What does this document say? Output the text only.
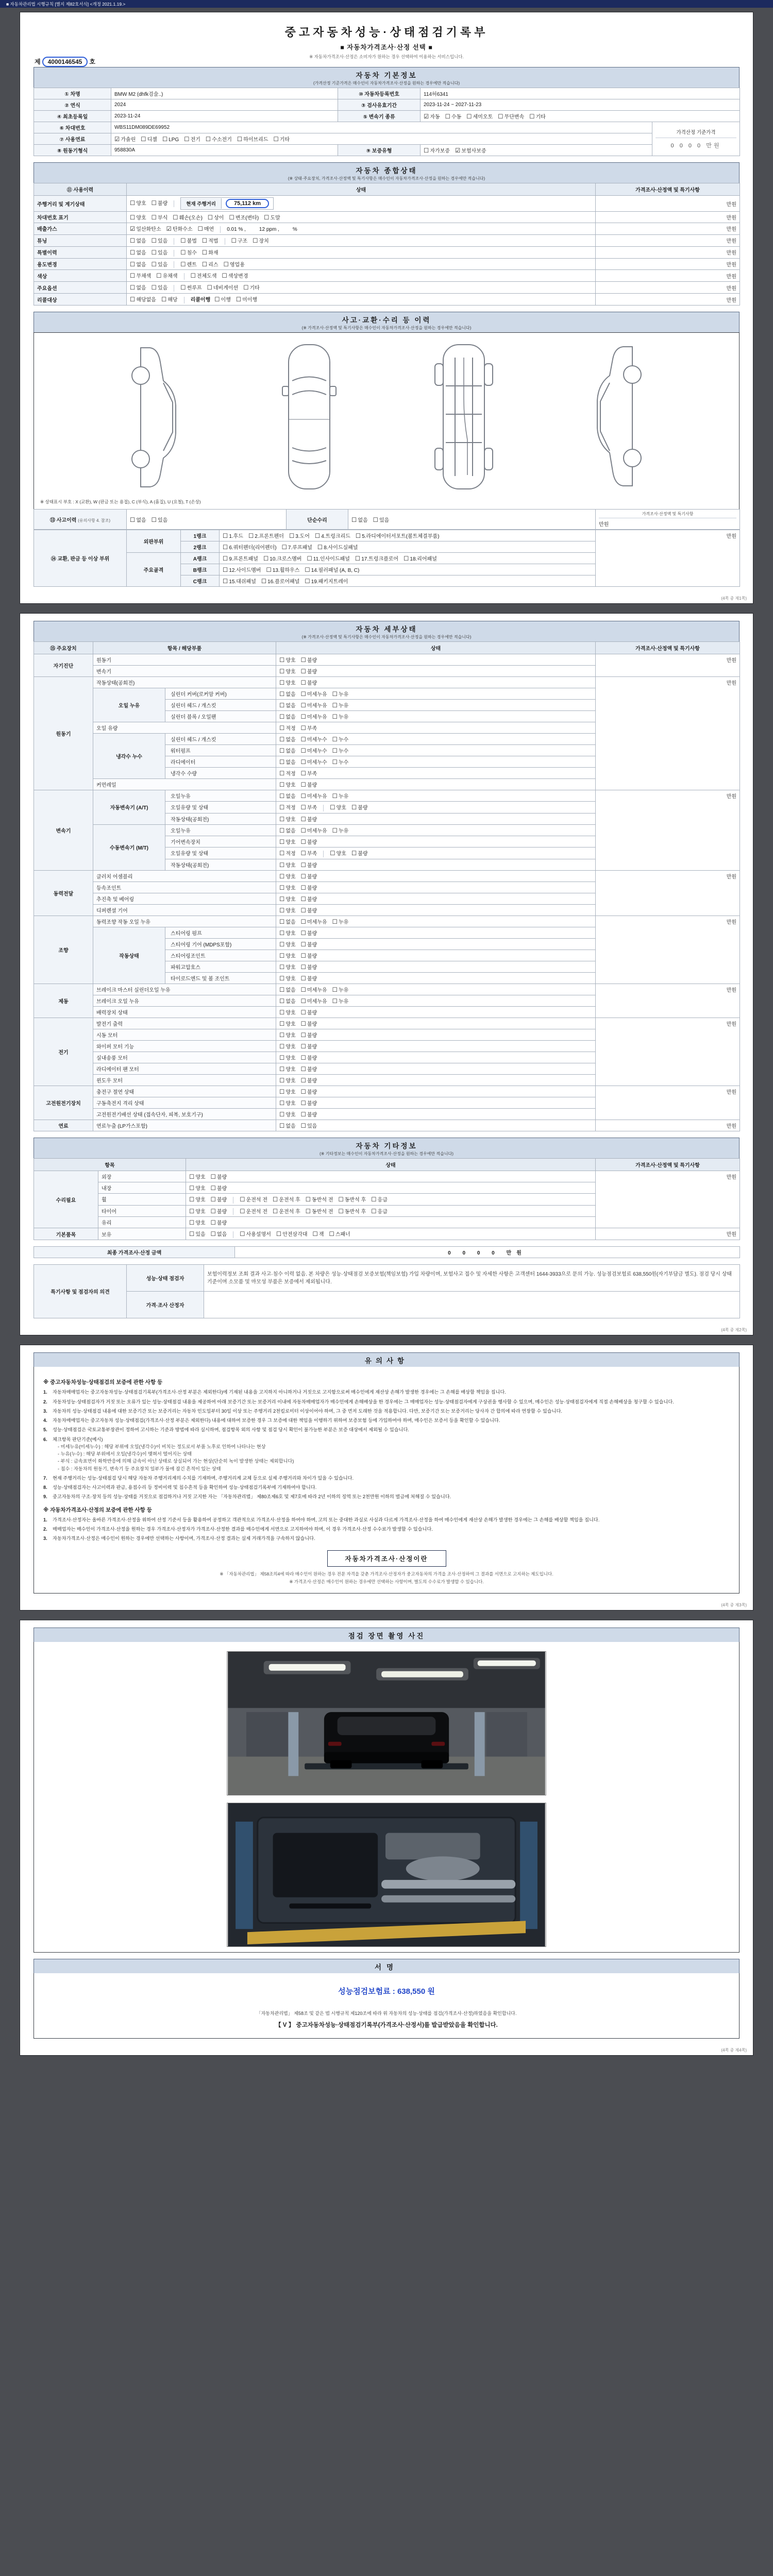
■ 자동차관리법 시행규칙 [별지 제82호서식] <개정 2021.1.19.>
중고자동차성능·상태점검기록부
■ 자동차가격조사·산정 선택 ■
※ 자동차가격조사·산정은 소비자가 원하는 경우 선택하여 이용하는 서비스입니다.
제 4000146545 호
자동차 기본정보
(가격산정 기준가격은 매수인이 자동차가격조사·산정을 원하는 경우에만 적습니다)
① 차명	BMW M2 (dhfk검술..)	⑩ 자동차등록번호	114허6341	
② 연식	2024	③ 검사유효기간	2023-11-24 ~ 2027-11-23	
④ 최초등록일	2023-11-24	⑤ 변속기 종류	☑ 자동 ☐ 수동 ☐ 세미오토 ☐ 무단변속 ☐ 기타	
⑥ 차대번호	WBS11DM089DE69952			가격산정 기준가격
0 0 0 0 만원

⑦ 사용연료	☑ 가솔린 ☐ 디젤 ☐ LPG ☐ 전기 ☐ 수소전기 ☐ 하이브리드 ☐ 기타			
⑧ 원동기형식	958830A	⑨ 보증유형	☐ 자가보증 ☑ 보험사보증	
자동차 종합상태
(※ 상태·주요장치, 가격조사·산정액 및 특기사항은 매수인이 자동차가격조사·산정을 원하는 경우에만 적습니다)
⑪ 사용이력	상태	가격조사·산정액 및 특기사항
주행거리 및 계기상태	☐ 양호 ☐ 불량 현재 주행거리 75,112 km	만원
차대번호 표기	☐ 양호 ☐ 부식 ☐ 훼손(오손) ☐ 상이 ☐ 변조(변타) ☐ 도말	만원
배출가스	☑ 일산화탄소 ☑ 탄화수소 ☐ 매연 0.01 % , 12 ppm , %	만원
튜닝	☐ 없음 ☐ 있음 ☐ 불법 ☐ 적법 ☐ 구조 ☐ 장치	만원
특별이력	☐ 없음 ☐ 있음 ☐ 침수 ☐ 화재	만원
용도변경	☐ 없음 ☐ 있음 ☐ 렌트 ☐ 리스 ☐ 영업용	만원
색상	☐ 무채색 ☐ 유채색 ☐ 전체도색 ☐ 색상변경	만원
주요옵션	☐ 없음 ☐ 있음 ☐ 썬루프 ☐ 네비게이션 ☐ 기타	만원
리콜대상	☐ 해당없음 ☐ 해당 리콜이행 ☐ 이행 ☐ 미이행	만원
사고·교환·수리 등 이력
(※ 가격조사·산정액 및 특기사항은 매수인이 자동차가격조사·산정을 원하는 경우에만 적습니다)
※ 상태표시 부호 : X (교환), W (판금 또는 용접), C (부식), A (흠집), U (요철), T (손상)
⑬ 사고이력 (유의사항 4. 참조)	☐ 없음 ☐ 있음	단순수리	☐ 없음 ☐ 있음	
가격조사·산정액 및 특기사항
만원
⑭ 교환, 판금 등 이상 부위	외판부위	1랭크	☐ 1.후드 ☐ 2.프론트펜더 ☐ 3.도어 ☐ 4.트렁크리드 ☐ 5.라디에이터서포트(볼트체결부품)	만원
		2랭크	☐ 6.쿼터펜더(리어펜더) ☐ 7.루프패널 ☐ 8.사이드실패널	
	주요골격	A랭크	☐ 9.프론트패널 ☐ 10.크로스멤버 ☐ 11.인사이드패널 ☐ 17.트렁크플로어 ☐ 18.리어패널	
		B랭크	☐ 12.사이드멤버 ☐ 13.휠하우스 ☐ 14.필러패널 (A, B, C)	
		C랭크	☐ 15.대쉬패널 ☐ 16.플로어패널 ☐ 19.패키지트레이	
(4쪽 중 제1쪽)
자동차 세부상태
(※ 가격조사·산정액 및 특기사항은 매수인이 자동차가격조사·산정을 원하는 경우에만 적습니다)
⑮ 주요장치	항목 / 해당부품		상태	가격조사·산정액 및 특기사항
자기진단	원동기		☐ 양호 ☐ 불량	만원
	변속기		☐ 양호 ☐ 불량	
원동기	작동상태(공회전)		☐ 양호 ☐ 불량	만원
	오일 누유	실린더 커버(로커암 커버)	☐ 없음 ☐ 미세누유 ☐ 누유	
		실린더 헤드 / 개스킷	☐ 없음 ☐ 미세누유 ☐ 누유	
		실린더 블록 / 오일팬	☐ 없음 ☐ 미세누유 ☐ 누유	
	오일 유량		☐ 적정 ☐ 부족	
	냉각수 누수	실린더 헤드 / 개스킷	☐ 없음 ☐ 미세누수 ☐ 누수	
		워터펌프	☐ 없음 ☐ 미세누수 ☐ 누수	
		라디에이터	☐ 없음 ☐ 미세누수 ☐ 누수	
		냉각수 수량	☐ 적정 ☐ 부족	
	커먼레일		☐ 양호 ☐ 불량	
변속기	자동변속기 (A/T)	오일누유	☐ 없음 ☐ 미세누유 ☐ 누유	만원
		오일유량 및 상태	☐ 적정 ☐ 부족 ☐ 양호 ☐ 불량	
		작동상태(공회전)	☐ 양호 ☐ 불량	
	수동변속기 (M/T)	오일누유	☐ 없음 ☐ 미세누유 ☐ 누유	
		기어변속장치	☐ 양호 ☐ 불량	
		오일유량 및 상태	☐ 적정 ☐ 부족 ☐ 양호 ☐ 불량	
		작동상태(공회전)	☐ 양호 ☐ 불량	
동력전달	클러치 어셈블리		☐ 양호 ☐ 불량	만원
	등속조인트		☐ 양호 ☐ 불량	
	추진축 및 베어링		☐ 양호 ☐ 불량	
	디퍼렌셜 기어		☐ 양호 ☐ 불량	
조향	동력조향 작동 오일 누유		☐ 없음 ☐ 미세누유 ☐ 누유	만원
	작동상태	스티어링 펌프	☐ 양호 ☐ 불량	
		스티어링 기어 (MDPS포함)	☐ 양호 ☐ 불량	
		스티어링조인트	☐ 양호 ☐ 불량	
		파워고압호스	☐ 양호 ☐ 불량	
		타이로드엔드 및 볼 조인트	☐ 양호 ☐ 불량	
제동	브레이크 마스터 실린더오일 누유		☐ 없음 ☐ 미세누유 ☐ 누유	만원
	브레이크 오일 누유		☐ 없음 ☐ 미세누유 ☐ 누유	
	배력장치 상태		☐ 양호 ☐ 불량	
전기	발전기 출력		☐ 양호 ☐ 불량	만원
	시동 모터		☐ 양호 ☐ 불량	
	와이퍼 모터 기능		☐ 양호 ☐ 불량	
	실내송풍 모터		☐ 양호 ☐ 불량	
	라디에이터 팬 모터		☐ 양호 ☐ 불량	
	윈도우 모터		☐ 양호 ☐ 불량	
고전원전기장치	충전구 절연 상태		☐ 양호 ☐ 불량	만원
	구동축전지 격리 상태		☐ 양호 ☐ 불량	
	고전원전기배선 상태 (접속단자, 피복, 보호기구)		☐ 양호 ☐ 불량	
연료	연료누출 (LP가스포함)		☐ 없음 ☐ 있음	만원
자동차 기타정보
(※ 기타정보는 매수인이 자동차가격조사·산정을 원하는 경우에만 적습니다)
항목		상태	가격조사·산정액 및 특기사항
수리필요	외장	☐ 양호 ☐ 불량	만원
	내장	☐ 양호 ☐ 불량	
	휠	☐ 양호 ☐ 불량 ☐ 운전석 전 ☐ 운전석 후 ☐ 동반석 전 ☐ 동반석 후 ☐ 응급	
	타이어	☐ 양호 ☐ 불량 ☐ 운전석 전 ☐ 운전석 후 ☐ 동반석 전 ☐ 동반석 후 ☐ 응급	
	유리	☐ 양호 ☐ 불량	
기본품목	보유	☐ 있음 ☐ 없음 ☐ 사용설명서 ☐ 안전삼각대 ☐ 잭 ☐ 스패너	만원
최종 가격조사·산정 금액	0 0 0 0 만원
특기사항 및 점검자의 의견	성능·상태 점검자	보험이력정보 조회 결과 사고·침수 이력 없음. 본 차량은 성능·상태점검 보증보험(책임보험) 가입 차량이며, 보험사고 접수 및 자세한 사항은 고객센터 1644-3933으로 문의 가능. 성능점검보험료 638,550원(자기부담금 별도). 점검 당시 상태 기준이며 소모품 및 마모성 부품은 보증에서 제외됩니다.
	가격·조사 산정자	
(4쪽 중 제2쪽)
유의사항
※ 중고자동차성능·상태점검의 보증에 관한 사항 등
1.	자동차매매업자는 중고자동차성능·상태점검기록부(가격조사·산정 부분은 제외한다)에 기재된 내용을 고지하지 아니하거나 거짓으로 고지함으로써 매수인에게 재산상 손해가 발생한 경우에는 그 손해를 배상할 책임을 집니다.
2.	자동차성능·상태점검자가 거짓 또는 오류가 있는 성능·상태점검 내용을 제공하여 아래 보증기간 또는 보증거리 이내에 자동차매매업자가 매수인에게 손해배상을 한 경우에는 그 매매업자는 성능·상태점검자에게 구상권을 행사할 수 있으며, 매수인은 성능·상태점검자에게 직접 손해배상을 청구할 수 있습니다.
3.	자동차의 성능·상태점검 내용에 대한 보증기간 또는 보증거리는 자동차 인도일부터 30일 이상 또는 주행거리 2천킬로미터 이상이어야 하며, 그 중 먼저 도래한 것을 적용합니다. 다만, 보증기간 또는 보증거리는 당사자 간 합의에 따라 연장할 수 있습니다.
4.	자동차매매업자는 중고자동차 성능·상태점검(가격조사·산정 부분은 제외한다) 내용에 대하여 보증한 경우 그 보증에 대한 책임을 이행하기 위하여 보증보험 등에 가입하여야 하며, 매수인은 보증서 등을 확인할 수 있습니다.
5.	성능·상태점검은 국토교통부장관이 정하여 고시하는 기준과 방법에 따라 실시하며, 점검항목 외의 사항 및 점검 당시 확인이 불가능한 부분은 보증 대상에서 제외될 수 있습니다.
6.	체크항목 판단기준(예시)
- 미세누유(미세누수) : 해당 부위에 오일(냉각수)이 비치는 정도로서 부품 노후로 인하여 나타나는 현상
- 누유(누수) : 해당 부위에서 오일(냉각수)이 맺혀서 떨어지는 상태
- 부식 : 금속표면이 화학반응에 의해 금속이 아닌 상태로 상실되어 가는 현상(단순히 녹이 발생한 상태는 제외합니다)
- 침수 : 자동차의 원동기, 변속기 등 주요장치 일부가 물에 잠긴 흔적이 있는 상태
7.	현재 주행거리는 성능·상태점검 당시 해당 자동차 주행거리계의 수치를 기재하며, 주행거리계 교체 등으로 실제 주행거리와 차이가 있을 수 있습니다.
8.	성능·상태점검자는 사고이력과 판금, 용접수리 등 정비이력 및 침수흔적 등을 확인하여 성능·상태점검기록부에 기재하여야 합니다.
9.	중고자동차의 구조·장치 등의 성능·상태를 거짓으로 점검하거나 거짓 고지한 자는 「자동차관리법」 제80조제6호 및 제7호에 따라 2년 이하의 징역 또는 2천만원 이하의 벌금에 처해질 수 있습니다.
※ 자동차가격조사·산정의 보증에 관한 사항 등
1.	가격조사·산정자는 올바른 가격조사·산정을 위하여 산정 기준서 등을 활용하여 공정하고 객관적으로 가격조사·산정을 하여야 하며, 고의 또는 중대한 과실로 사실과 다르게 가격조사·산정을 하여 매수인에게 재산상 손해가 발생한 경우에는 그 손해를 배상할 책임을 집니다.
2.	매매업자는 매수인이 가격조사·산정을 원하는 경우 가격조사·산정자가 가격조사·산정한 결과를 매수인에게 서면으로 고지하여야 하며, 이 경우 가격조사·산정 수수료가 발생할 수 있습니다.
3.	자동차가격조사·산정은 매수인이 원하는 경우에만 선택하는 사항이며, 가격조사·산정 결과는 실제 거래가격을 구속하지 않습니다.
자동차가격조사·산정이란
※ 「자동차관리법」 제58조의4에 따라 매수인이 원하는 경우 전문 자격을 갖춘 가격조사·산정자가 중고자동차의 가격을 조사·산정하여 그 결과를 서면으로 고지하는 제도입니다.
※ 가격조사·산정은 매수인이 원하는 경우에만 선택하는 사항이며, 별도의 수수료가 발생할 수 있습니다.
(4쪽 중 제3쪽)
점검 장면 촬영 사진
서명
성능점검보험료 : 638,550 원
「자동차관리법」 제58조 및 같은 법 시행규칙 제120조에 따라 위 자동차의 성능·상태를 점검(가격조사·산정)하였음을 확인합니다.
【 V 】 중고자동차성능·상태점검기록부(가격조사·산정서)를 발급받았음을 확인합니다.
(4쪽 중 제4쪽)
